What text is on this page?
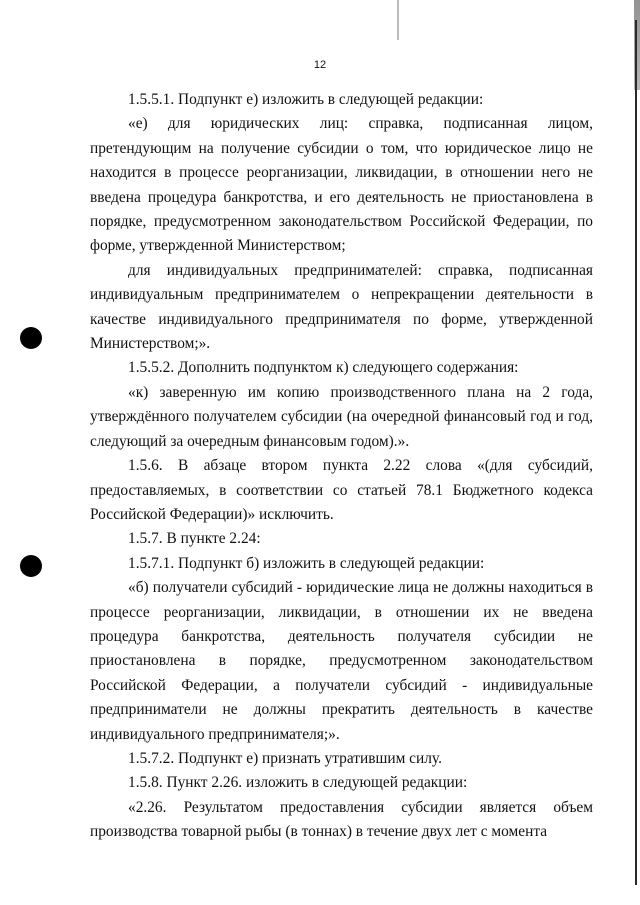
12

1.5.5.1. Подпункт е) изложить в следующей редакции:

«е) для юридических лиц: справка, подписанная лицом, претендующим на получение субсидии о том, что юридическое лицо не находится в процессе реорганизации, ликвидации, в отношении него не введена процедура банкротства, и его деятельность не приостановлена в порядке, предусмотренном законодательством Российской Федерации, по форме, утвержденной Министерством;

для индивидуальных предпринимателей: справка, подписанная индивидуальным предпринимателем о непрекращении деятельности в качестве индивидуального предпринимателя по форме, утвержденной Министерством;».

1.5.5.2. Дополнить подпунктом к) следующего содержания:

«к) заверенную им копию производственного плана на 2 года, утверждённого получателем субсидии (на очередной финансовый год и год, следующий за очередным финансовым годом).».

1.5.6. В абзаце втором пункта 2.22 слова «(для субсидий, предоставляемых, в соответствии со статьей 78.1 Бюджетного кодекса Российской Федерации)» исключить.

1.5.7. В пункте 2.24:

1.5.7.1. Подпункт б) изложить в следующей редакции:

«б) получатели субсидий - юридические лица не должны находиться в процессе реорганизации, ликвидации, в отношении их не введена процедура банкротства, деятельность получателя субсидии не приостановлена в порядке, предусмотренном законодательством Российской Федерации, а получатели субсидий - индивидуальные предприниматели не должны прекратить деятельность в качестве индивидуального предпринимателя;».

1.5.7.2. Подпункт е) признать утратившим силу.

1.5.8. Пункт 2.26. изложить в следующей редакции:

«2.26. Результатом предоставления субсидии является объем производства товарной рыбы (в тоннах) в течение двух лет с момента
